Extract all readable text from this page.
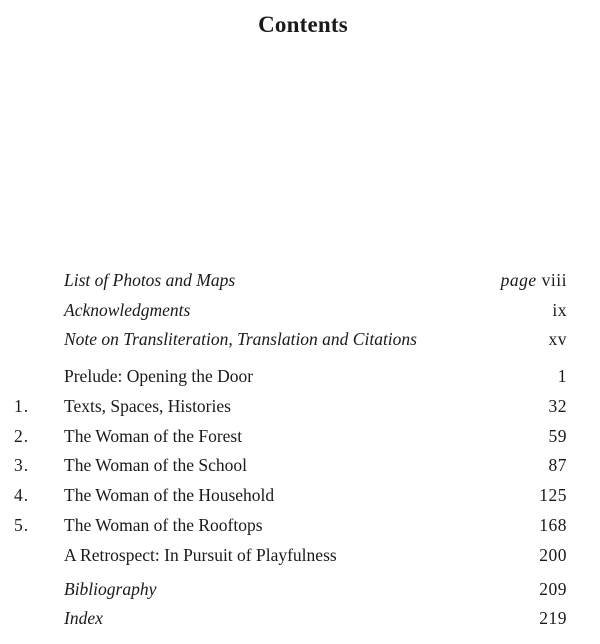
Contents
List of Photos and Maps	page viii
Acknowledgments	ix
Note on Transliteration, Translation and Citations	xv
Prelude: Opening the Door	1
1.	Texts, Spaces, Histories	32
2.	The Woman of the Forest	59
3.	The Woman of the School	87
4.	The Woman of the Household	125
5.	The Woman of the Rooftops	168
A Retrospect: In Pursuit of Playfulness	200
Bibliography	209
Index	219
